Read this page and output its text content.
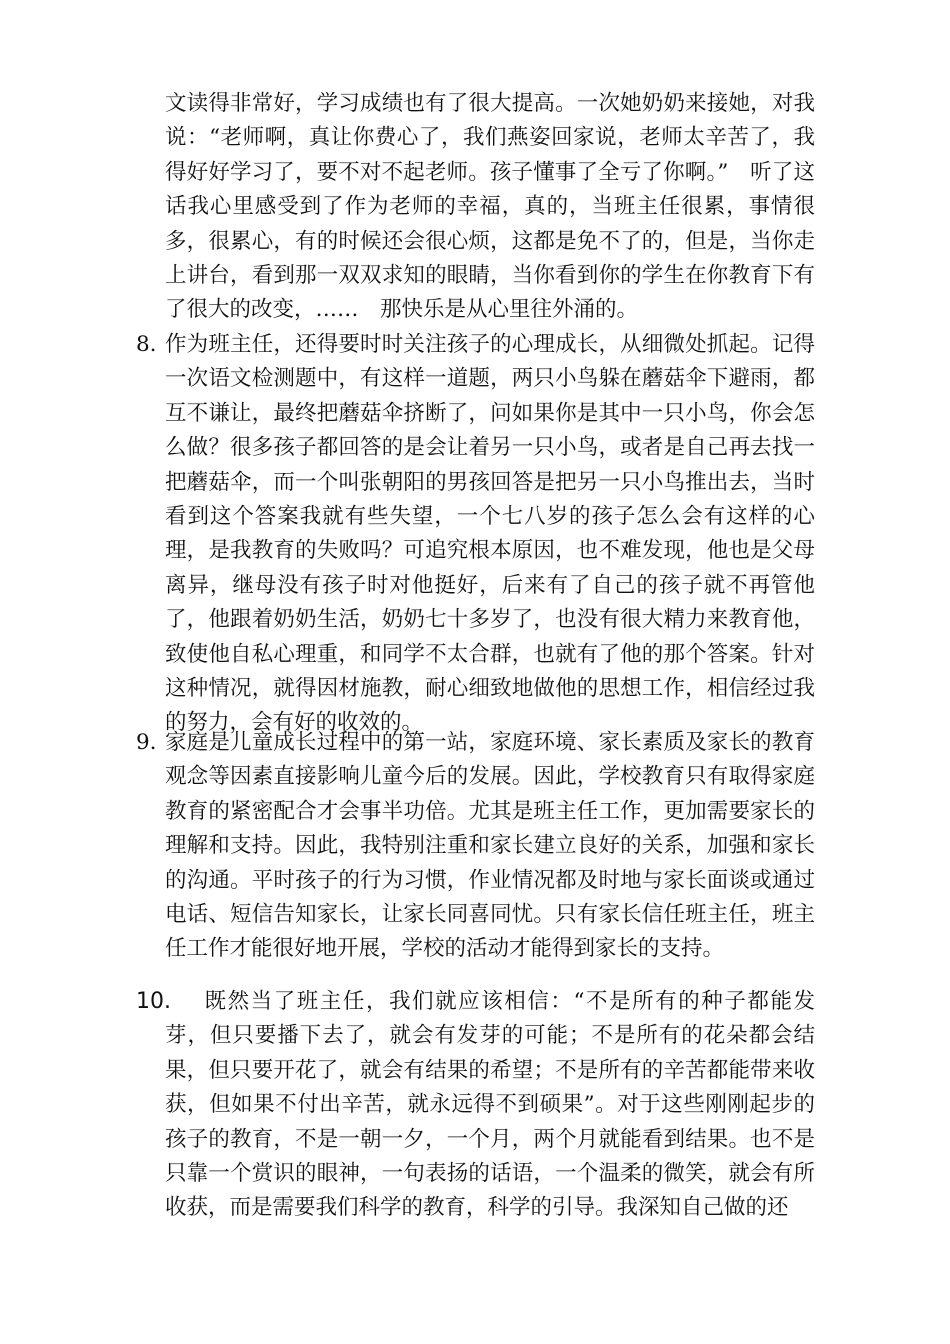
文读得非常好，学习成绩也有了很大提高。一次她奶奶来接她，对我说：“老师啊，真让你费心了，我们燕姿回家说，老师太辛苦了，我得好好学习了，要不对不起老师。孩子懂事了全亏了你啊。”　听了这话我心里感受到了作为老师的幸福，真的，当班主任很累，事情很多，很累心，有的时候还会很心烦，这都是免不了的，但是，当你走上讲台，看到那一双双求知的眼睛，当你看到你的学生在你教育下有了很大的改变，……　那快乐是从心里往外涌的。
8. 作为班主任，还得要时时关注孩子的心理成长，从细微处抓起。记得一次语文检测题中，有这样一道题，两只小鸟躲在蘑菇伞下避雨，都互不谦让，最终把蘑菇伞挤断了，问如果你是其中一只小鸟，你会怎么做？很多孩子都回答的是会让着另一只小鸟，或者是自己再去找一把蘑菇伞，而一个叫张朝阳的男孩回答是把另一只小鸟推出去，当时看到这个答案我就有些失望，一个七八岁的孩子怎么会有这样的心理，是我教育的失败吗？可追究根本原因，也不难发现，他也是父母离异，继母没有孩子时对他挺好，后来有了自己的孩子就不再管他了，他跟着奶奶生活，奶奶七十多岁了，也没有很大精力来教育他，致使他自私心理重，和同学不太合群，也就有了他的那个答案。针对这种情况，就得因材施教，耐心细致地做他的思想工作，相信经过我的努力，会有好的收效的。
9. 家庭是儿童成长过程中的第一站，家庭环境、家长素质及家长的教育观念等因素直接影响儿童今后的发展。因此，学校教育只有取得家庭教育的紧密配合才会事半功倍。尤其是班主任工作，更加需要家长的理解和支持。因此，我特别注重和家长建立良好的关系，加强和家长的沟通。平时孩子的行为习惯，作业情况都及时地与家长面谈或通过电话、短信告知家长，让家长同喜同忧。只有家长信任班主任，班主任工作才能很好地开展，学校的活动才能得到家长的支持。
10.	既然当了班主任，我们就应该相信：“不是所有的种子都能发芽，但只要播下去了，就会有发芽的可能；不是所有的花朵都会结果，但只要开花了，就会有结果的希望；不是所有的辛苦都能带来收获，但如果不付出辛苦，就永远得不到硕果”。对于这些刚刚起步的孩子的教育，不是一朝一夕，一个月，两个月就能看到结果。也不是只靠一个赏识的眼神，一句表扬的话语，一个温柔的微笑，就会有所收获，而是需要我们科学的教育，科学的引导。我深知自己做的还
